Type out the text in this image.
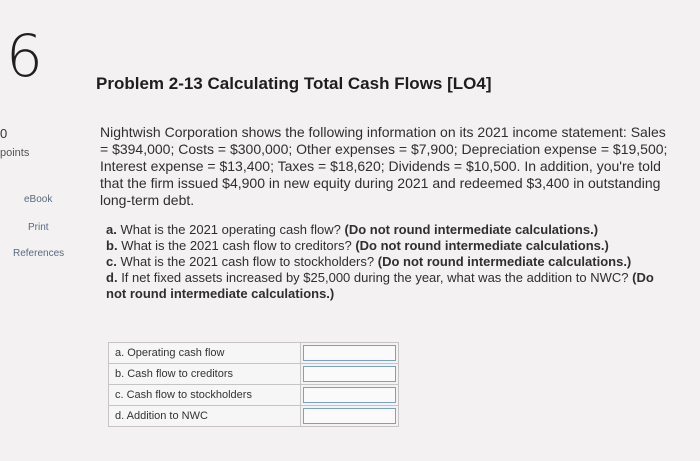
6
0
points
eBook
Print
References
Problem 2-13 Calculating Total Cash Flows [LO4]
Nightwish Corporation shows the following information on its 2021 income statement: Sales = $394,000; Costs = $300,000; Other expenses = $7,900; Depreciation expense = $19,500; Interest expense = $13,400; Taxes = $18,620; Dividends = $10,500. In addition, you're told that the firm issued $4,900 in new equity during 2021 and redeemed $3,400 in outstanding long-term debt.
a. What is the 2021 operating cash flow? (Do not round intermediate calculations.)
b. What is the 2021 cash flow to creditors? (Do not round intermediate calculations.)
c. What is the 2021 cash flow to stockholders? (Do not round intermediate calculations.)
d. If net fixed assets increased by $25,000 during the year, what was the addition to NWC? (Do not round intermediate calculations.)
a. Operating cash flow	

b. Cash flow to creditors	

c. Cash flow to stockholders	

d. Addition to NWC	
